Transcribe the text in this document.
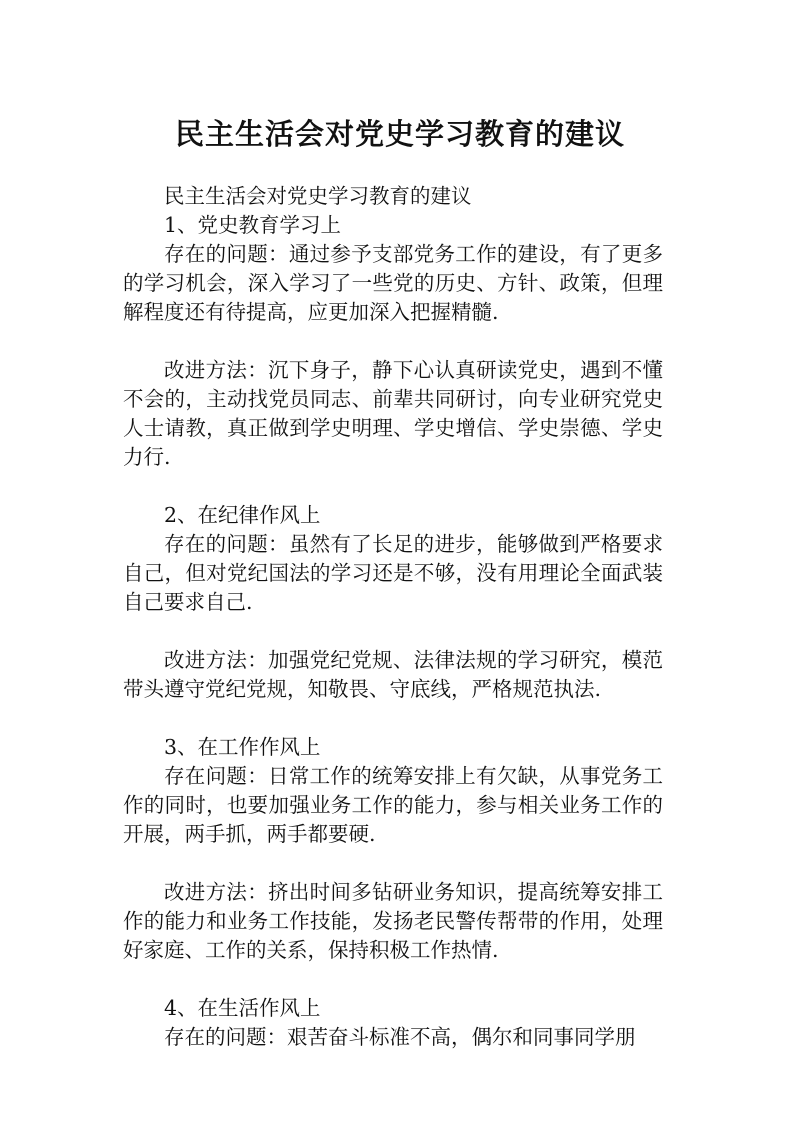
民主生活会对党史学习教育的建议

民主生活会对党史学习教育的建议

1、党史教育学习上

存在的问题：通过参予支部党务工作的建设，有了更多的学习机会，深入学习了一些党的历史、方针、政策，但理解程度还有待提高，应更加深入把握精髓.

改进方法：沉下身子，静下心认真研读党史，遇到不懂不会的，主动找党员同志、前辈共同研讨，向专业研究党史人士请教，真正做到学史明理、学史增信、学史崇德、学史力行.

2、在纪律作风上

存在的问题：虽然有了长足的进步，能够做到严格要求自己，但对党纪国法的学习还是不够，没有用理论全面武装自己要求自己.

改进方法：加强党纪党规、法律法规的学习研究，模范带头遵守党纪党规，知敬畏、守底线，严格规范执法.

3、在工作作风上

存在问题：日常工作的统筹安排上有欠缺，从事党务工作的同时，也要加强业务工作的能力，参与相关业务工作的开展，两手抓，两手都要硬.

改进方法：挤出时间多钻研业务知识，提高统筹安排工作的能力和业务工作技能，发扬老民警传帮带的作用，处理好家庭、工作的关系，保持积极工作热情.

4、在生活作风上

存在的问题：艰苦奋斗标准不高，偶尔和同事同学朋
